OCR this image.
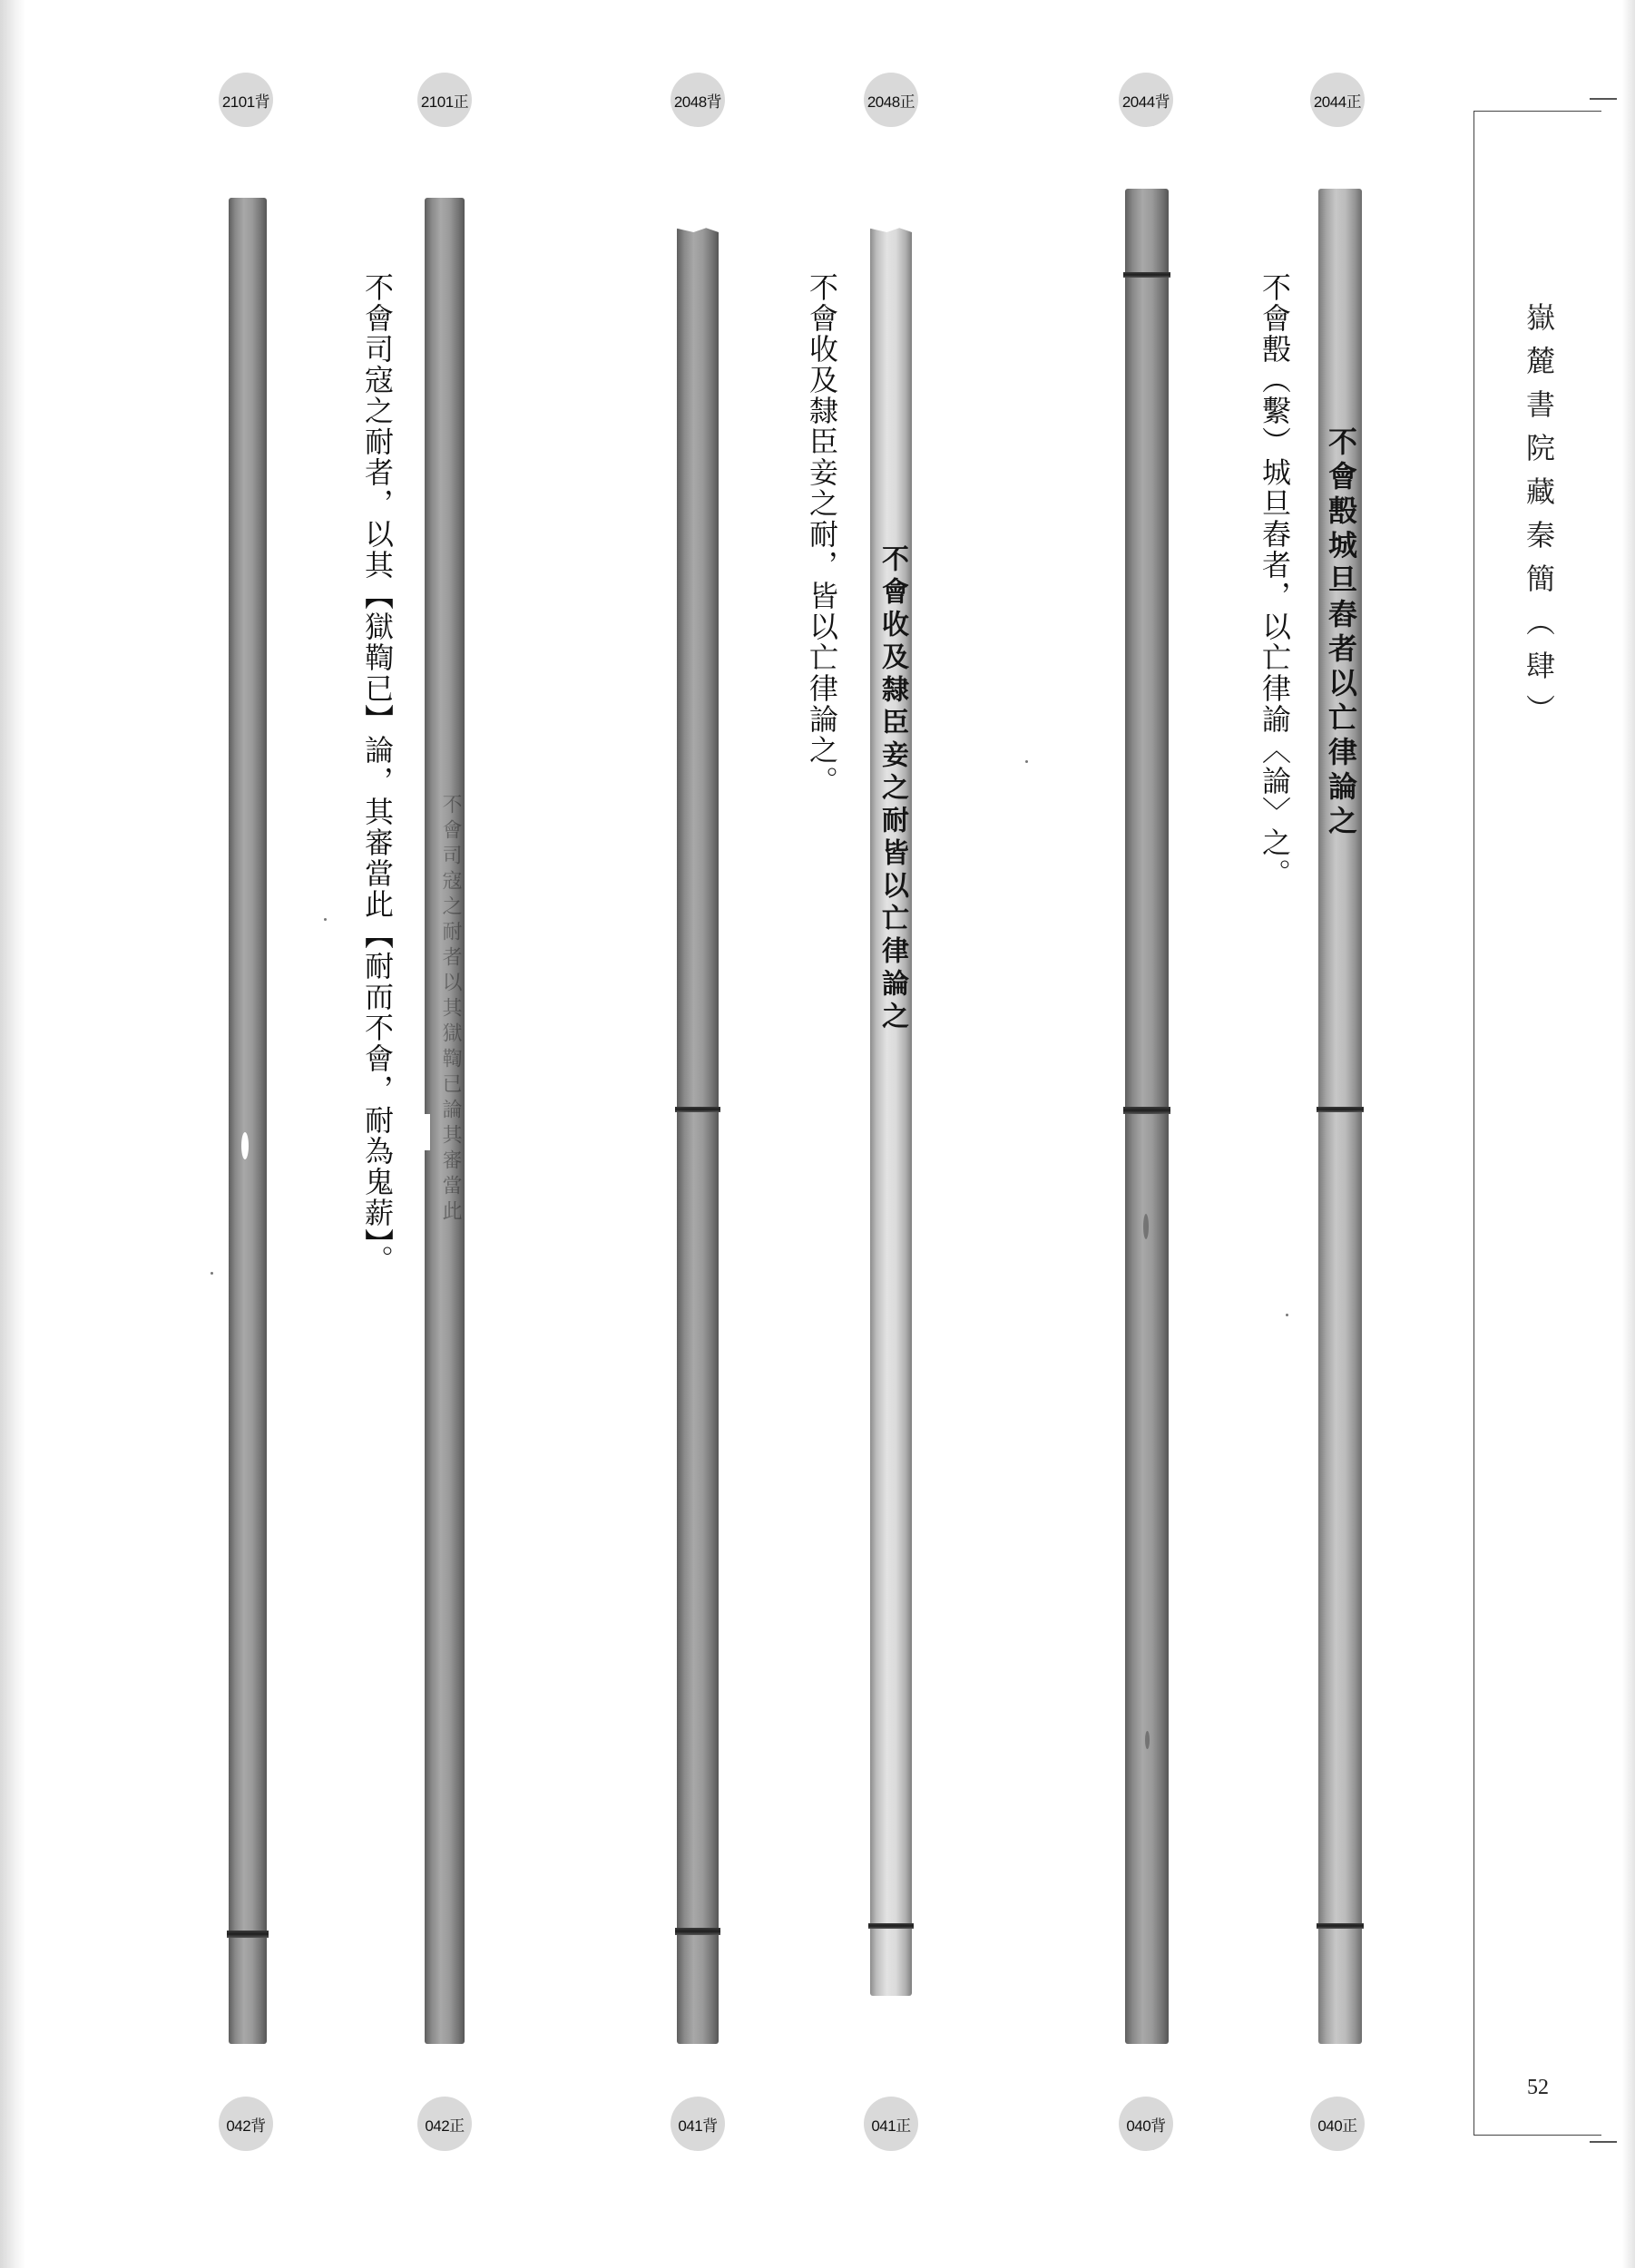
2101背	2101正	2048背	2048正	2044背	2044正
042背	042正	041背	041正	040背	040正
不會司寇之耐者以其獄鞫已論其審當此	不會收及隸臣妾之耐皆以亡律論之	不會毄城旦舂者以亡律論之
不會司寇之耐者，以其【獄鞫已】論，其審當此【耐而不會，耐為鬼薪】。	不會收及隸臣妾之耐，皆以亡律論之。	不會毄（繫）城旦舂者，以亡律諭〈論〉之。	嶽麓書院藏秦簡︵肆︶
52
